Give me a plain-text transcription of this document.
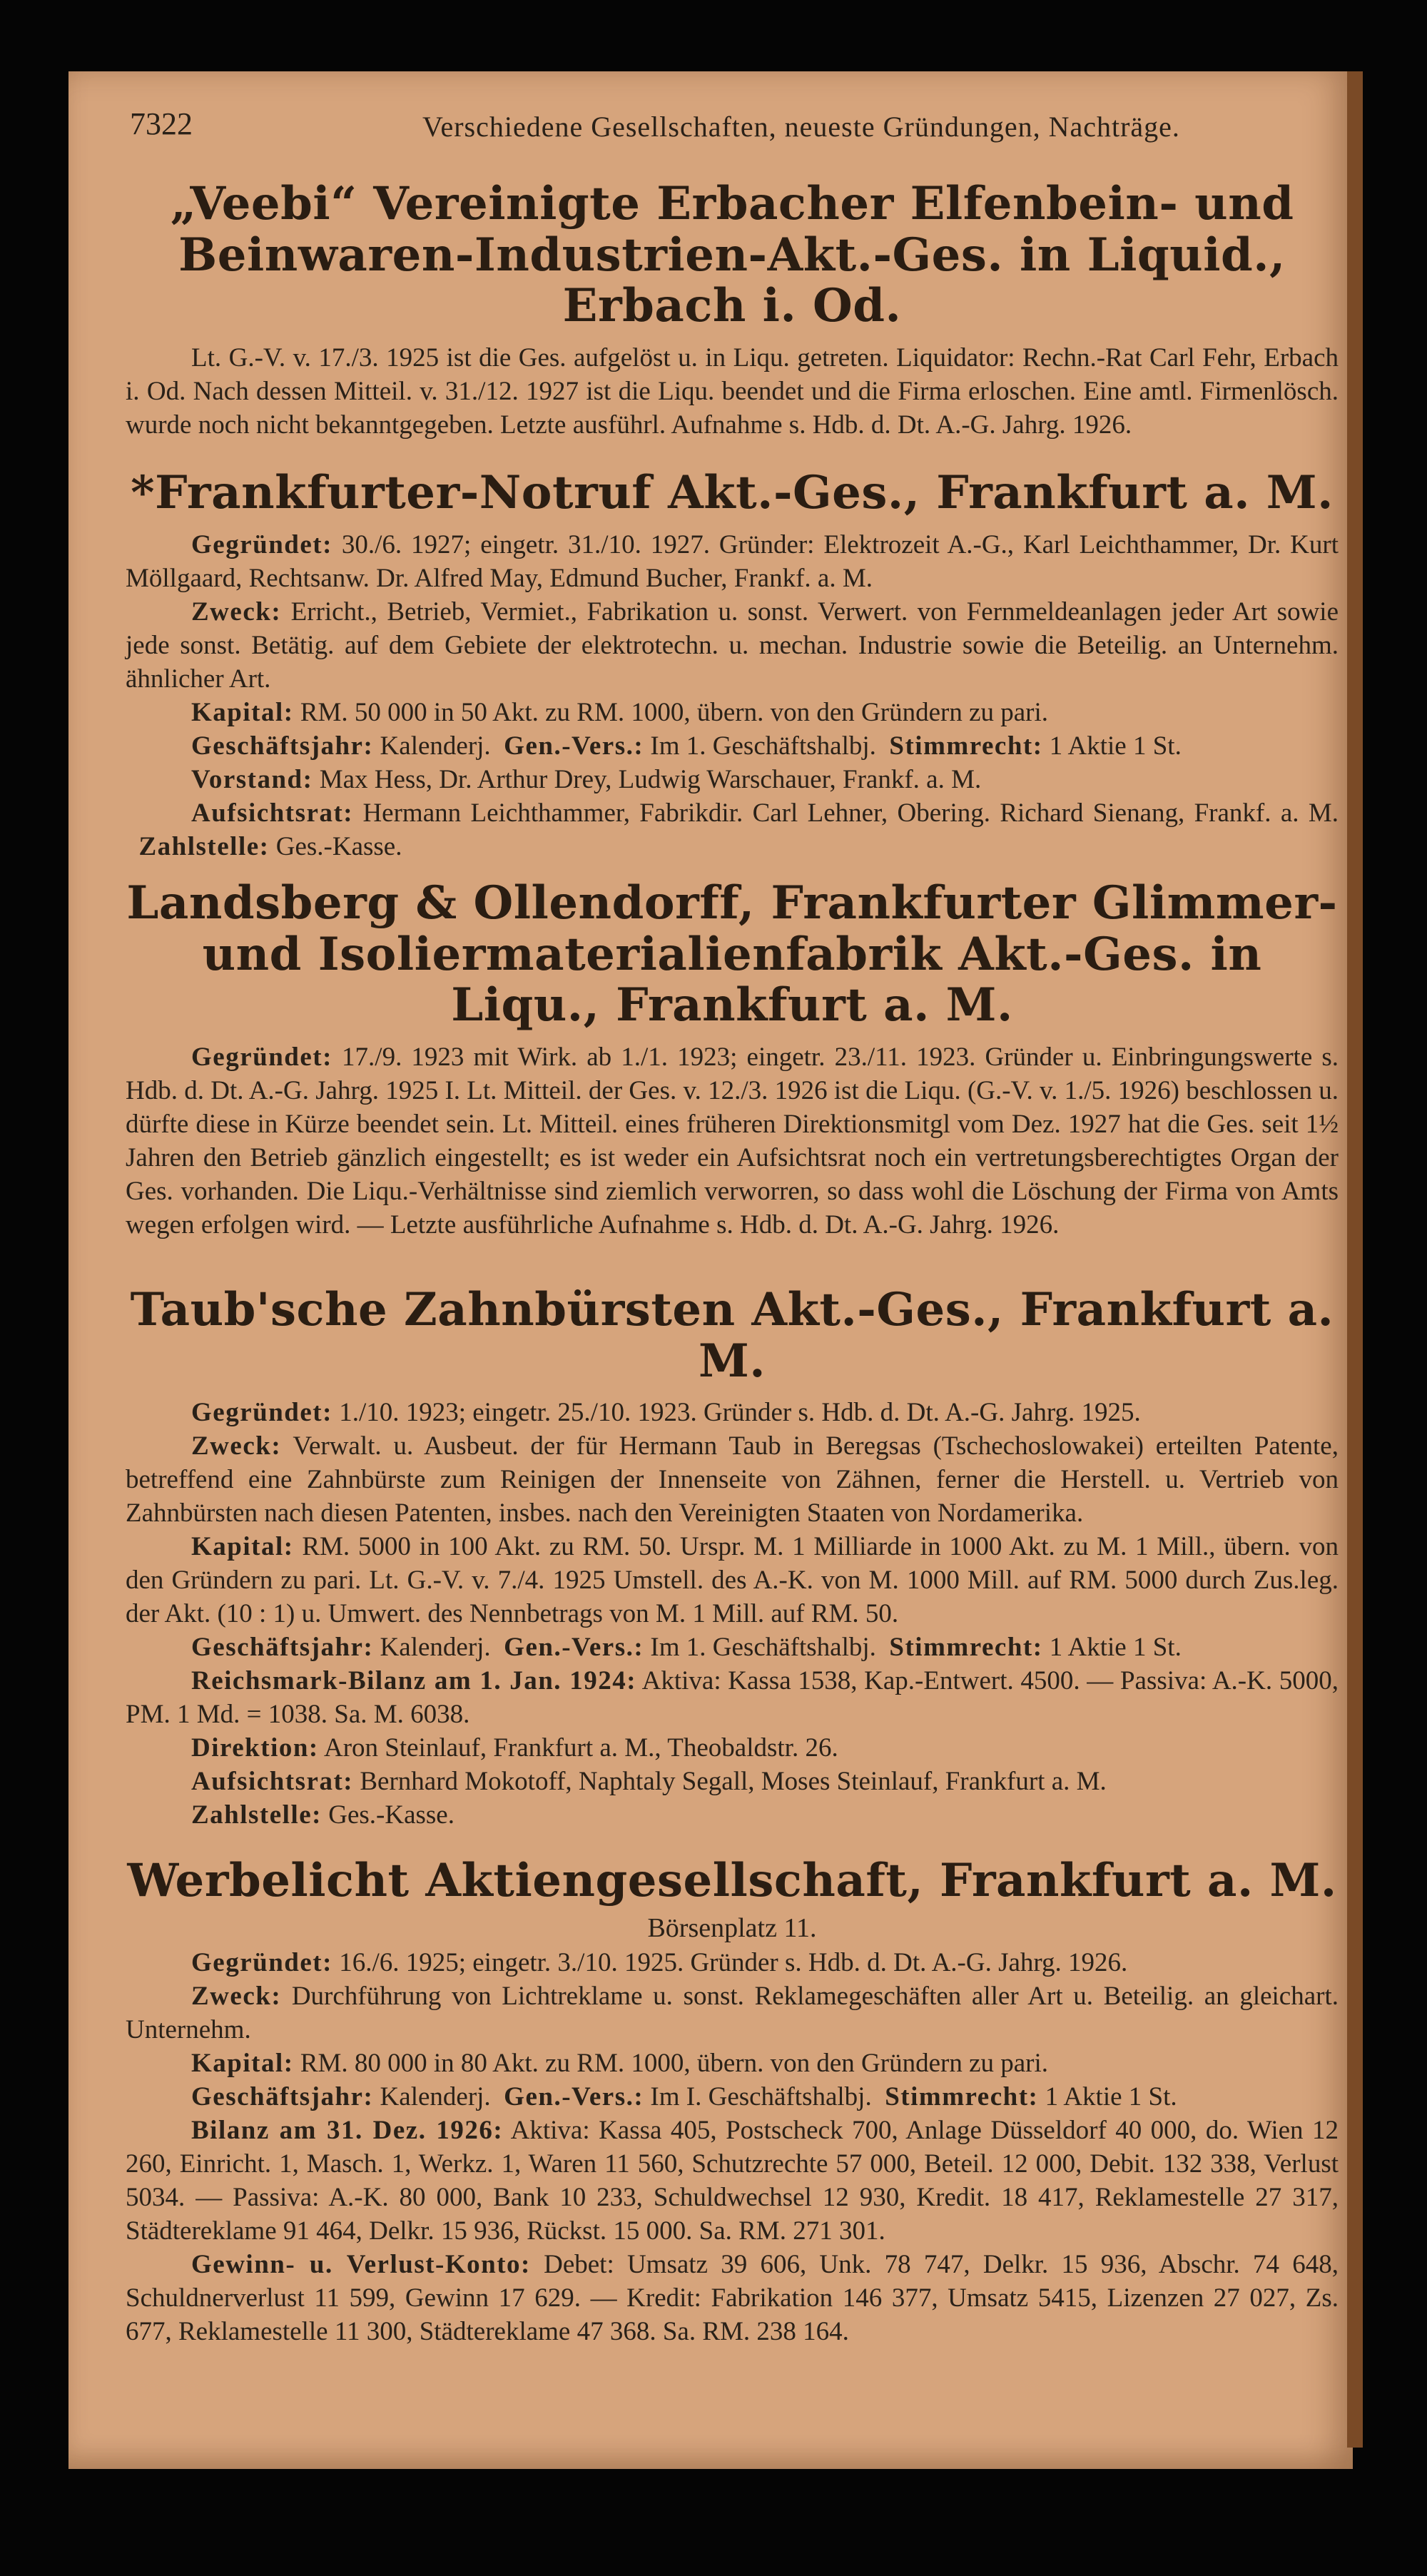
7322	Verschiedene Gesellschaften, neueste Gründungen, Nachträge.
„Veebi“ Vereinigte Erbacher Elfenbein- und Beinwaren-Industrien-Akt.-Ges. in Liquid., Erbach i. Od.
Lt. G.-V. v. 17./3. 1925 ist die Ges. aufgelöst u. in Liqu. getreten. Liquidator: Rechn.-Rat Carl Fehr, Erbach i. Od. Nach dessen Mitteil. v. 31./12. 1927 ist die Liqu. beendet und die Firma erloschen. Eine amtl. Firmenlösch. wurde noch nicht bekanntgegeben. Letzte ausführl. Aufnahme s. Hdb. d. Dt. A.-G. Jahrg. 1926.
*Frankfurter-Notruf Akt.-Ges., Frankfurt a. M.
Gegründet: 30./6. 1927; eingetr. 31./10. 1927. Gründer: Elektrozeit A.-G., Karl Leichthammer, Dr. Kurt Möllgaard, Rechtsanw. Dr. Alfred May, Edmund Bucher, Frankf. a. M.
Zweck: Erricht., Betrieb, Vermiet., Fabrikation u. sonst. Verwert. von Fernmeldeanlagen jeder Art sowie jede sonst. Betätig. auf dem Gebiete der elektrotechn. u. mechan. Industrie sowie die Beteilig. an Unternehm. ähnlicher Art.
Kapital: RM. 50 000 in 50 Akt. zu RM. 1000, übern. von den Gründern zu pari.
Geschäftsjahr: Kalenderj. Gen.-Vers.: Im 1. Geschäftshalbj. Stimmrecht: 1 Aktie 1 St.
Vorstand: Max Hess, Dr. Arthur Drey, Ludwig Warschauer, Frankf. a. M.
Aufsichtsrat: Hermann Leichthammer, Fabrikdir. Carl Lehner, Obering. Richard Sienang, Frankf. a. M.   Zahlstelle: Ges.-Kasse.
Landsberg & Ollendorff, Frankfurter Glimmer- und Isoliermaterialienfabrik Akt.-Ges. in Liqu., Frankfurt a. M.
Gegründet: 17./9. 1923 mit Wirk. ab 1./1. 1923; eingetr. 23./11. 1923. Gründer u. Einbringungswerte s. Hdb. d. Dt. A.-G. Jahrg. 1925 I. Lt. Mitteil. der Ges. v. 12./3. 1926 ist die Liqu. (G.-V. v. 1./5. 1926) beschlossen u. dürfte diese in Kürze beendet sein. Lt. Mitteil. eines früheren Direktionsmitgl vom Dez. 1927 hat die Ges. seit 1½ Jahren den Betrieb gänzlich eingestellt; es ist weder ein Aufsichtsrat noch ein vertretungsberechtigtes Organ der Ges. vorhanden. Die Liqu.-Verhältnisse sind ziemlich verworren, so dass wohl die Löschung der Firma von Amts wegen erfolgen wird. — Letzte ausführliche Aufnahme s. Hdb. d. Dt. A.-G. Jahrg. 1926.
Taub'sche Zahnbürsten Akt.-Ges., Frankfurt a. M.
Gegründet: 1./10. 1923; eingetr. 25./10. 1923. Gründer s. Hdb. d. Dt. A.-G. Jahrg. 1925.
Zweck: Verwalt. u. Ausbeut. der für Hermann Taub in Beregsas (Tschechoslowakei) erteilten Patente, betreffend eine Zahnbürste zum Reinigen der Innenseite von Zähnen, ferner die Herstell. u. Vertrieb von Zahnbürsten nach diesen Patenten, insbes. nach den Vereinigten Staaten von Nordamerika.
Kapital: RM. 5000 in 100 Akt. zu RM. 50. Urspr. M. 1 Milliarde in 1000 Akt. zu M. 1 Mill., übern. von den Gründern zu pari. Lt. G.-V. v. 7./4. 1925 Umstell. des A.-K. von M. 1000 Mill. auf RM. 5000 durch Zus.leg. der Akt. (10 : 1) u. Umwert. des Nennbetrags von M. 1 Mill. auf RM. 50.
Geschäftsjahr: Kalenderj. Gen.-Vers.: Im 1. Geschäftshalbj. Stimmrecht: 1 Aktie 1 St.
Reichsmark-Bilanz am 1. Jan. 1924: Aktiva: Kassa 1538, Kap.-Entwert. 4500. — Passiva: A.-K. 5000, PM. 1 Md. = 1038. Sa. M. 6038.
Direktion: Aron Steinlauf, Frankfurt a. M., Theobaldstr. 26.
Aufsichtsrat: Bernhard Mokotoff, Naphtaly Segall, Moses Steinlauf, Frankfurt a. M.
Zahlstelle: Ges.-Kasse.
Werbelicht Aktiengesellschaft, Frankfurt a. M.
Börsenplatz 11.
Gegründet: 16./6. 1925; eingetr. 3./10. 1925. Gründer s. Hdb. d. Dt. A.-G. Jahrg. 1926.
Zweck: Durchführung von Lichtreklame u. sonst. Reklamegeschäften aller Art u. Beteilig. an gleichart. Unternehm.
Kapital: RM. 80 000 in 80 Akt. zu RM. 1000, übern. von den Gründern zu pari.
Geschäftsjahr: Kalenderj. Gen.-Vers.: Im I. Geschäftshalbj. Stimmrecht: 1 Aktie 1 St.
Bilanz am 31. Dez. 1926: Aktiva: Kassa 405, Postscheck 700, Anlage Düsseldorf 40 000, do. Wien 12 260, Einricht. 1, Masch. 1, Werkz. 1, Waren 11 560, Schutzrechte 57 000, Beteil. 12 000, Debit. 132 338, Verlust 5034. — Passiva: A.-K. 80 000, Bank 10 233, Schuldwechsel 12 930, Kredit. 18 417, Reklamestelle 27 317, Städtereklame 91 464, Delkr. 15 936, Rückst. 15 000. Sa. RM. 271 301.
Gewinn- u. Verlust-Konto: Debet: Umsatz 39 606, Unk. 78 747, Delkr. 15 936, Abschr. 74 648, Schuldnerverlust 11 599, Gewinn 17 629. — Kredit: Fabrikation 146 377, Umsatz 5415, Lizenzen 27 027, Zs. 677, Reklamestelle 11 300, Städtereklame 47 368. Sa. RM. 238 164.
